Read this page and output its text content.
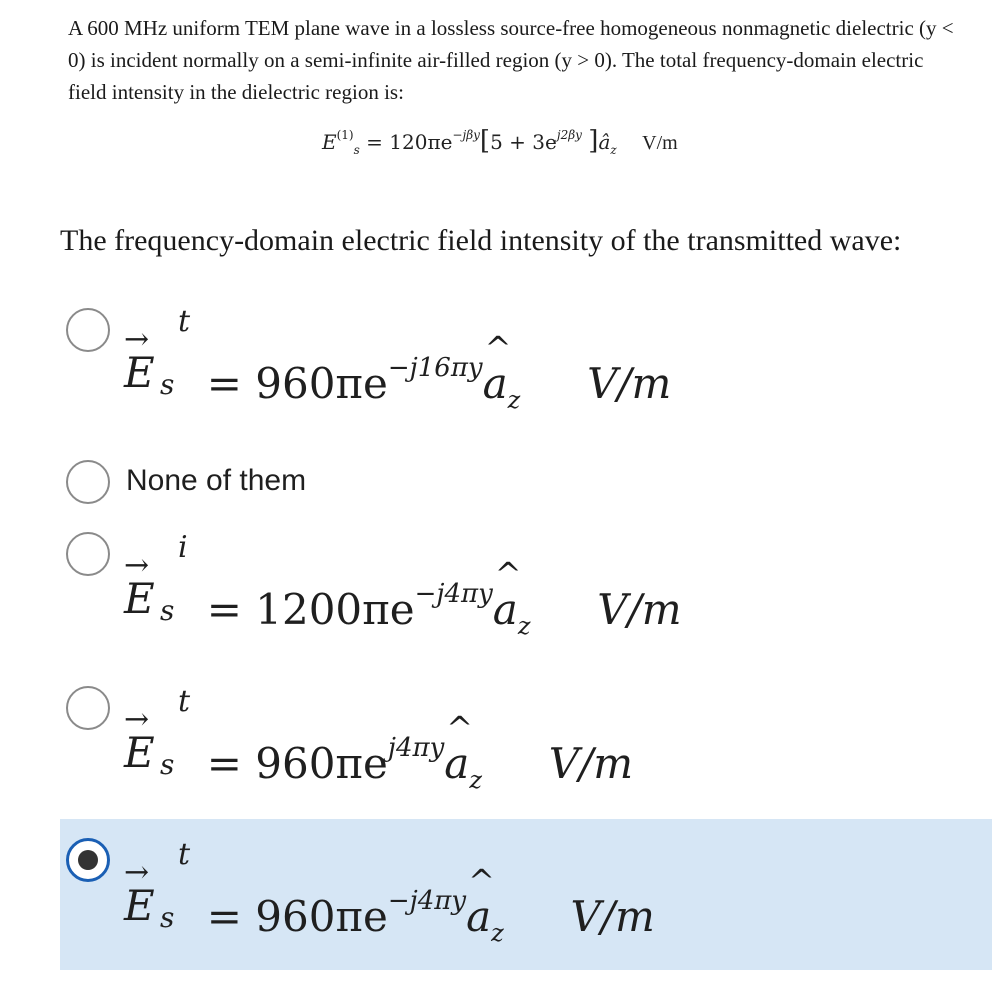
A 600 MHz uniform TEM plane wave in a lossless source-free homogeneous nonmagnetic dielectric (y < 0) is incident normally on a semi-infinite air-filled region (y > 0). The total frequency-domain electric field intensity in the dielectric region is:
$E^{(1)}_s = 120\pi e^{-j\beta y}[5 + 3e^{j2\beta y}$ ]$â_z$ V/m
The frequency-domain electric field intensity of the transmitted wave:
→
E s
t
= $960\pi e^{-j16\pi y}$
^
$a_z$ V/m
None of them
→
E s
i
= $1200\pi e^{-j4\pi y}$
^
$a_z$ V/m
→
E s
t
= $960\pi e^{j4\pi y}$
^
$a_z$ V/m
→
E s
t
= $960\pi e^{-j4\pi y}$
^
$a_z$ V/m
